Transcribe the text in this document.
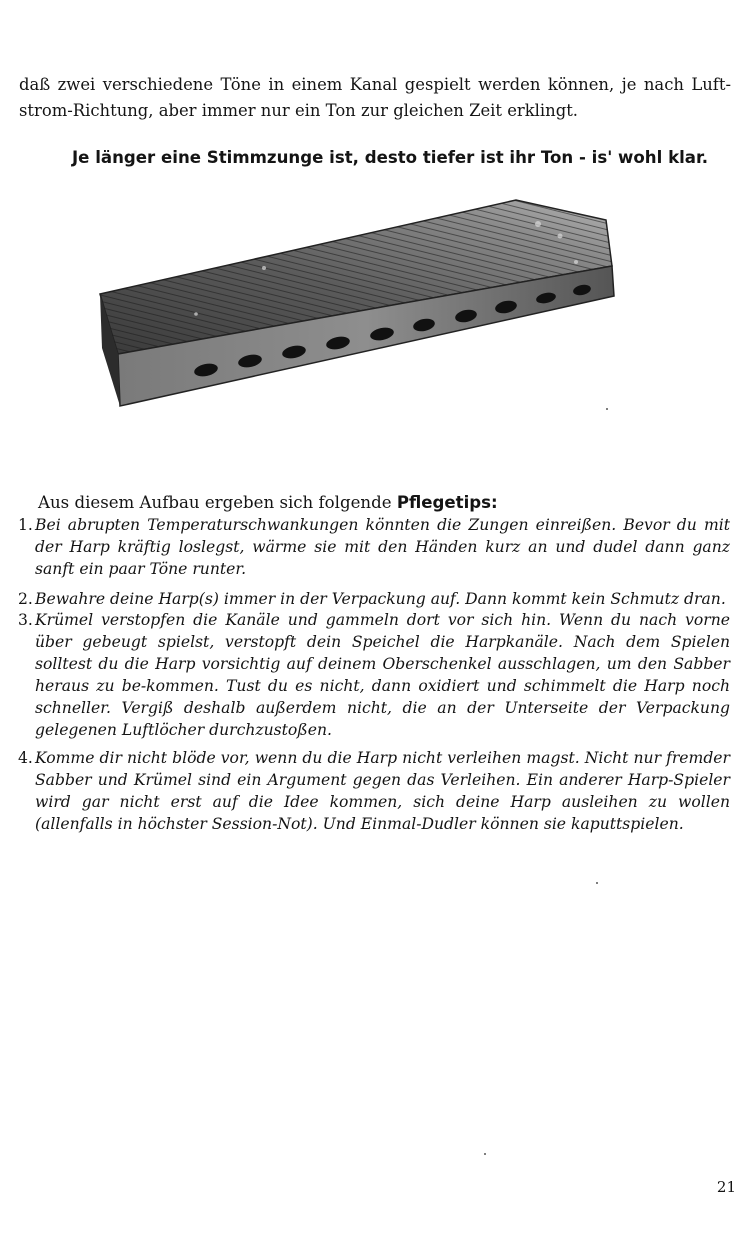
daß zwei verschiedene Töne in einem Kanal gespielt werden können, je nach Luft-strom-Richtung, aber immer nur ein Ton zur gleichen Zeit erklingt.

Je länger eine Stimmzunge ist, desto tiefer ist ihr Ton - is' wohl klar.

Aus diesem Aufbau ergeben sich folgende Pflegetips:

1. Bei abrupten Temperaturschwankungen könnten die Zungen einreißen. Bevor du mit der Harp kräftig loslegst, wärme sie mit den Händen kurz an und dudel dann ganz sanft ein paar Töne runter.
2. Bewahre deine Harp(s) immer in der Verpackung auf. Dann kommt kein Schmutz dran.
3. Krümel verstopfen die Kanäle und gammeln dort vor sich hin. Wenn du nach vorne über gebeugt spielst, verstopft dein Speichel die Harpkanäle. Nach dem Spielen solltest du die Harp vorsichtig auf deinem Oberschenkel ausschlagen, um den Sabber heraus zu be-kommen. Tust du es nicht, dann oxidiert und schimmelt die Harp noch schneller. Vergiß deshalb außerdem nicht, die an der Unterseite der Verpackung gelegenen Luftlöcher durchzustoßen.
4. Komme dir nicht blöde vor, wenn du die Harp nicht verleihen magst. Nicht nur fremder Sabber und Krümel sind ein Argument gegen das Verleihen. Ein anderer Harp-Spieler wird gar nicht erst auf die Idee kommen, sich deine Harp ausleihen zu wollen (allenfalls in höchster Session-Not). Und Einmal-Dudler können sie kaputtspielen.

21
